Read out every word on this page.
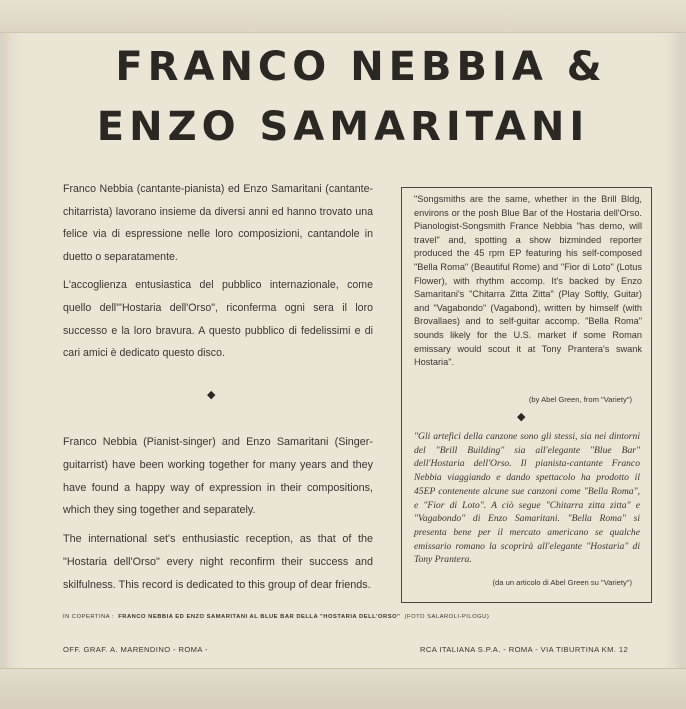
FRANCO NEBBIA &
ENZO SAMARITANI

Franco Nebbia (cantante-pianista) ed Enzo Samaritani (cantante-chitarrista) lavorano insieme da diversi anni ed hanno trovato una felice via di espressione nelle loro composizioni, cantandole in duetto o separatamente.

L'accoglienza entusiastica del pubblico internazionale, come quello dell'"Hostaria dell'Orso", riconferma ogni sera il loro successo e la loro bravura. A questo pubblico di fedelissimi e di cari amici è dedicato questo disco.

◆

Franco Nebbia (Pianist-singer) and Enzo Samaritani (Singer-guitarrist) have been working together for many years and they have found a happy way of expression in their compositions, which they sing together and separately.

The international set's enthusiastic reception, as that of the "Hostaria dell'Orso" every night reconfirm their success and skilfulness. This record is dedicated to this group of dear friends.

"Songsmiths are the same, whether in the Brill Bldg, environs or the posh Blue Bar of the Hostaria dell'Orso. Pianologist-Songsmith France Nebbia "has demo, will travel" and, spotting a show bizminded reporter produced the 45 rpm EP featuring his self-composed "Bella Roma" (Beautiful Rome) and "Fior di Loto" (Lotus Flower), with rhythm accomp. It's backed by Enzo Samaritani's "Chitarra Zitta Zitta" (Play Softly, Guitar) and "Vagabondo" (Vagabond), written by himself (with Brovallaes) and to self-guitar accomp. "Bella Roma" sounds likely for the U.S. market if some Roman emissary would scout it at Tony Prantera's swank Hostaria".

(by Abel Green, from "Variety")

◆

"Gli artefici della canzone sono gli stessi, sia nei dintorni del "Brill Building" sia all'elegante "Blue Bar" dell'Hostaria dell'Orso. Il pianista-cantante Franco Nebbia viaggiando e dando spettacolo ha prodotto il 45EP contenente alcune sue canzoni come "Bella Roma", e "Fior di Loto". A ciò segue "Chitarra zitta zitta" e "Vagabondo" di Enzo Samaritani. "Bella Roma" si presenta bene per il mercato americano se qualche emissario romano la scoprirà all'elegante "Hostaria" di Tony Prantera.

(da un articolo di Abel Green su "Variety")

IN COPERTINA : FRANCO NEBBIA ED ENZO SAMARITANI AL BLUE BAR DELLA "HOSTARIA DELL'ORSO" (FOTO SALAROLI-PILOGU)
OFF. GRAF. A. MARENDINO - ROMA -	RCA ITALIANA S.P.A. - ROMA - VIA TIBURTINA KM. 12
